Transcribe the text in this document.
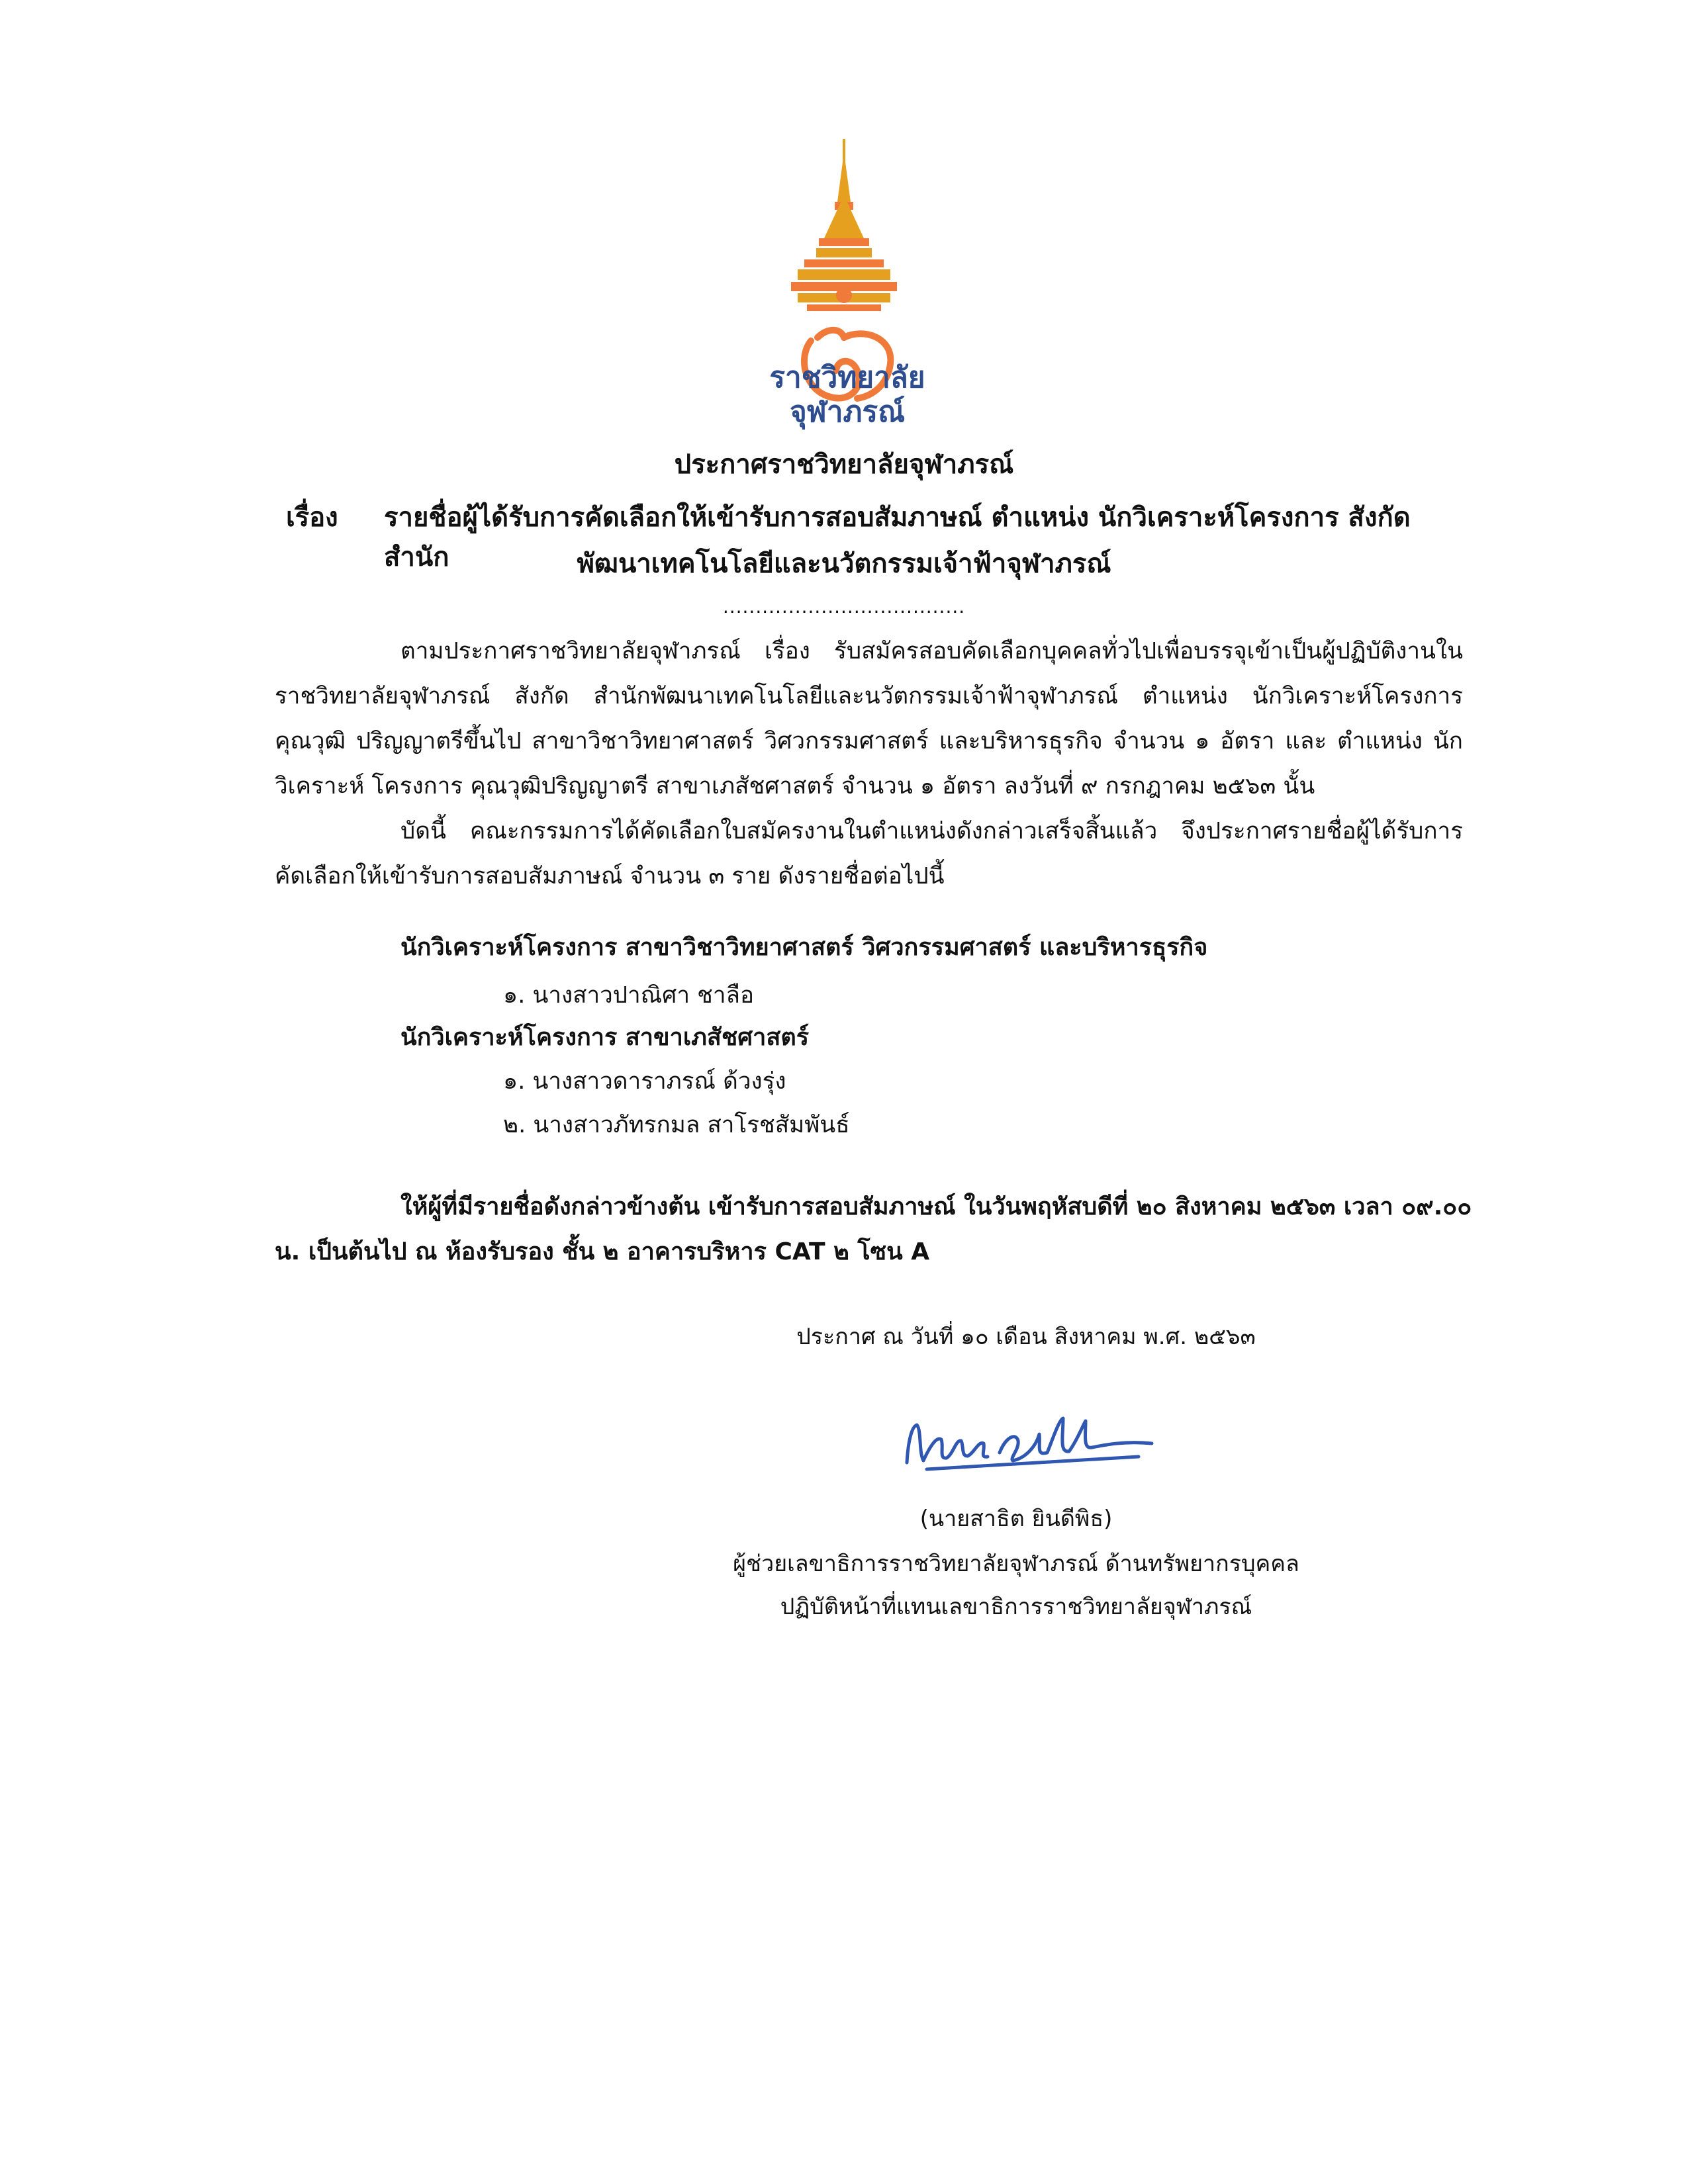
ราชวิทยาลัย
จุฬาภรณ์
ประกาศราชวิทยาลัยจุฬาภรณ์
เรื่อง รายชื่อผู้ได้รับการคัดเลือกให้เข้ารับการสอบสัมภาษณ์ ตำแหน่ง นักวิเคราะห์โครงการ สังกัด สำนัก	พัฒนาเทคโนโลยีและนวัตกรรมเจ้าฟ้าจุฬาภรณ์
.....................................
ตามประกาศราชวิทยาลัยจุฬาภรณ์ เรื่อง รับสมัครสอบคัดเลือกบุคคลทั่วไปเพื่อบรรจุเข้าเป็นผู้ปฏิบัติงานใน ราชวิทยาลัยจุฬาภรณ์ สังกัด สำนักพัฒนาเทคโนโลยีและนวัตกรรมเจ้าฟ้าจุฬาภรณ์ ตำแหน่ง นักวิเคราะห์โครงการ คุณวุฒิ ปริญญาตรีขึ้นไป สาขาวิชาวิทยาศาสตร์ วิศวกรรมศาสตร์ และบริหารธุรกิจ จำนวน ๑ อัตรา และ ตำแหน่ง นักวิเคราะห์ โครงการ คุณวุฒิปริญญาตรี สาขาเภสัชศาสตร์ จำนวน ๑ อัตรา ลงวันที่ ๙ กรกฎาคม ๒๕๖๓ นั้น
บัดนี้ คณะกรรมการได้คัดเลือกใบสมัครงานในตำแหน่งดังกล่าวเสร็จสิ้นแล้ว จึงประกาศรายชื่อผู้ได้รับการ คัดเลือกให้เข้ารับการสอบสัมภาษณ์ จำนวน ๓ ราย ดังรายชื่อต่อไปนี้
นักวิเคราะห์โครงการ สาขาวิชาวิทยาศาสตร์ วิศวกรรมศาสตร์ และบริหารธุรกิจ
๑. นางสาวปาณิศา ชาลือ
นักวิเคราะห์โครงการ สาขาเภสัชศาสตร์
๑. นางสาวดาราภรณ์ ด้วงรุ่ง
๒. นางสาวภัทรกมล สาโรชสัมพันธ์
ให้ผู้ที่มีรายชื่อดังกล่าวข้างต้น เข้ารับการสอบสัมภาษณ์ ในวันพฤหัสบดีที่ ๒๐ สิงหาคม ๒๕๖๓ เวลา ๐๙.๐๐
น. เป็นต้นไป ณ ห้องรับรอง ชั้น ๒ อาคารบริหาร CAT ๒ โซน A
ประกาศ ณ วันที่ ๑๐ เดือน สิงหาคม พ.ศ. ๒๕๖๓
(นายสาธิต ยินดีพิธ)
ผู้ช่วยเลขาธิการราชวิทยาลัยจุฬาภรณ์ ด้านทรัพยากรบุคคล
ปฏิบัติหน้าที่แทนเลขาธิการราชวิทยาลัยจุฬาภรณ์
